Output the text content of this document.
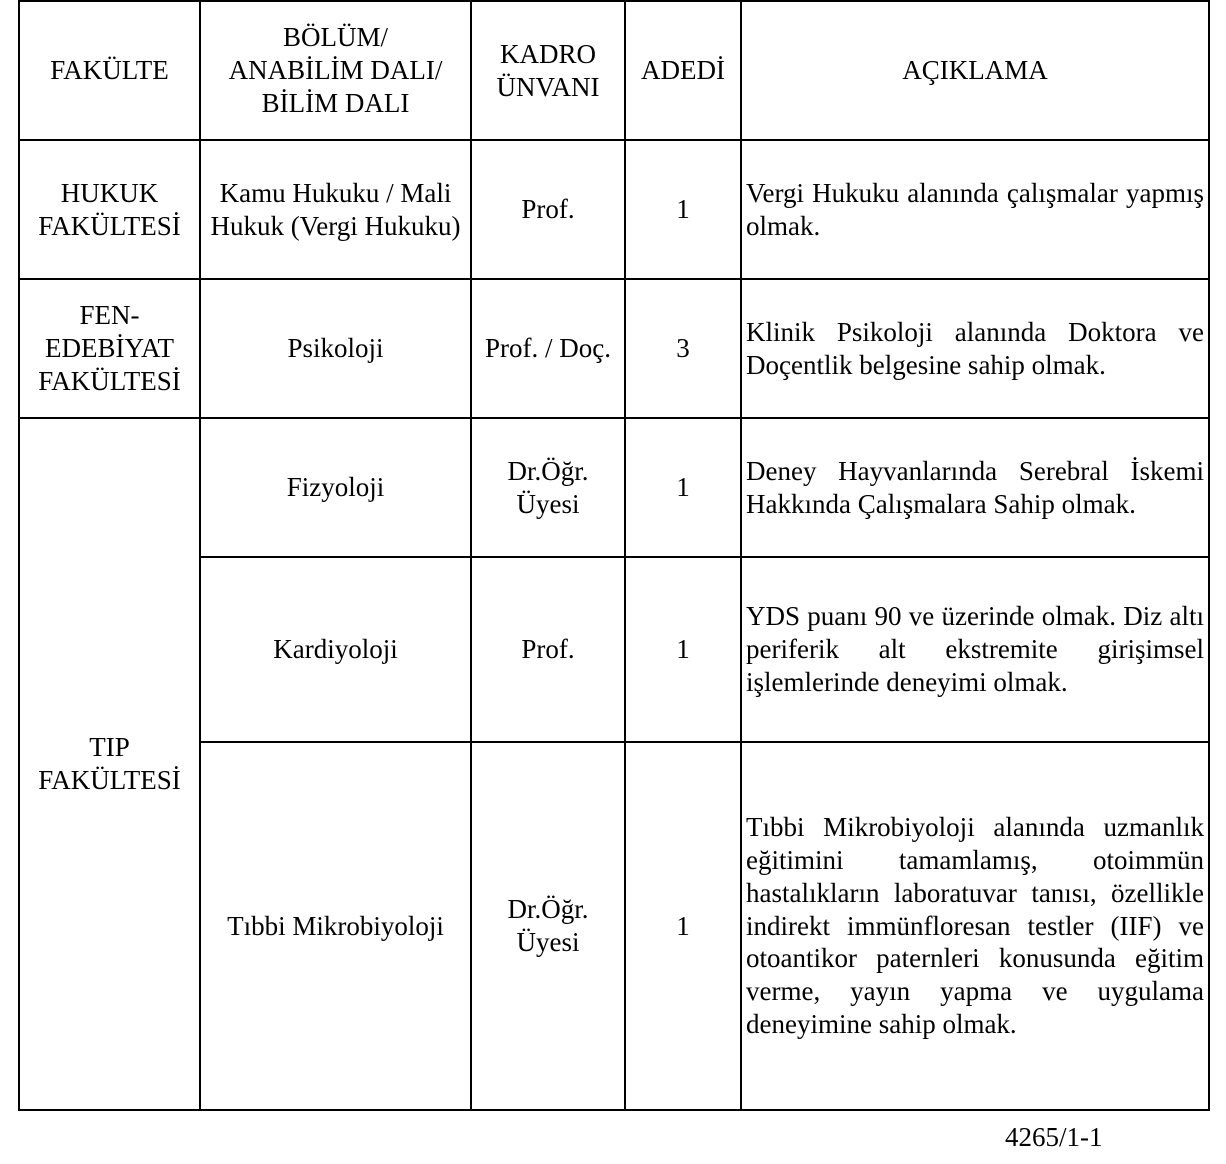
FAKÜLTE	BÖLÜM/ ANABİLİM DALI/ BİLİM DALI	KADRO ÜNVANI	ADEDİ	AÇIKLAMA
HUKUK FAKÜLTESİ	Kamu Hukuku / Mali Hukuk (Vergi Hukuku)	Prof.	1	Vergi Hukuku alanında çalışmalar yapmış olmak.
FEN-EDEBİYAT FAKÜLTESİ	Psikoloji	Prof. / Doç.	3	Klinik Psikoloji alanında Doktora ve Doçentlik belgesine sahip olmak.
TIP FAKÜLTESİ	Fizyoloji	Dr.Öğr. Üyesi	1	Deney Hayvanlarında Serebral İskemi Hakkında Çalışmalara Sahip olmak.
	Kardiyoloji	Prof.	1	YDS puanı 90 ve üzerinde olmak. Diz altı periferik alt ekstremite girişimsel işlemlerinde deneyimi olmak.
	Tıbbi Mikrobiyoloji	Dr.Öğr. Üyesi	1	Tıbbi Mikrobiyoloji alanında uzmanlık eğitimini tamamlamış, otoimmün hastalıkların laboratuvar tanısı, özellikle indirekt immünfloresan testler (IIF) ve otoantikor paternleri konusunda eğitim verme, yayın yapma ve uygulama deneyimine sahip olmak.
4265/1-1
